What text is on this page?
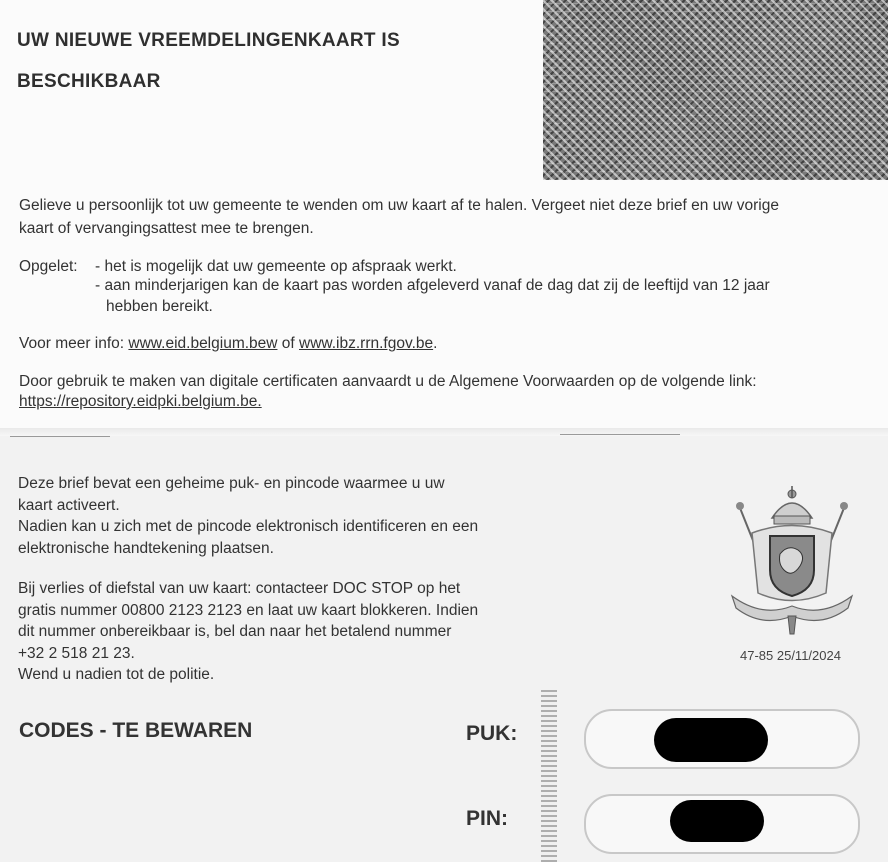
UW NIEUWE VREEMDELINGENKAART IS
BESCHIKBAAR
Gelieve u persoonlijk tot uw gemeente te wenden om uw kaart af te halen. Vergeet niet deze brief en uw vorige
kaart of vervangingsattest mee te brengen.
Opgelet: - het is mogelijk dat uw gemeente op afspraak werkt.
- aan minderjarigen kan de kaart pas worden afgeleverd vanaf de dag dat zij de leeftijd van 12 jaar
hebben bereikt.
Voor meer info: www.eid.belgium.bew of www.ibz.rrn.fgov.be.
Door gebruik te maken van digitale certificaten aanvaardt u de Algemene Voorwaarden op de volgende link:
https://repository.eidpki.belgium.be.
Deze brief bevat een geheime puk- en pincode waarmee u uw
kaart activeert.
Nadien kan u zich met de pincode elektronisch identificeren en een
elektronische handtekening plaatsen.
Bij verlies of diefstal van uw kaart: contacteer DOC STOP op het
gratis nummer 00800 2123 2123 en laat uw kaart blokkeren. Indien
dit nummer onbereikbaar is, bel dan naar het betalend nummer
+32 2 518 21 23.
Wend u nadien tot de politie.
47-85 25/11/2024
CODES - TE BEWAREN	PUK:
PIN:
